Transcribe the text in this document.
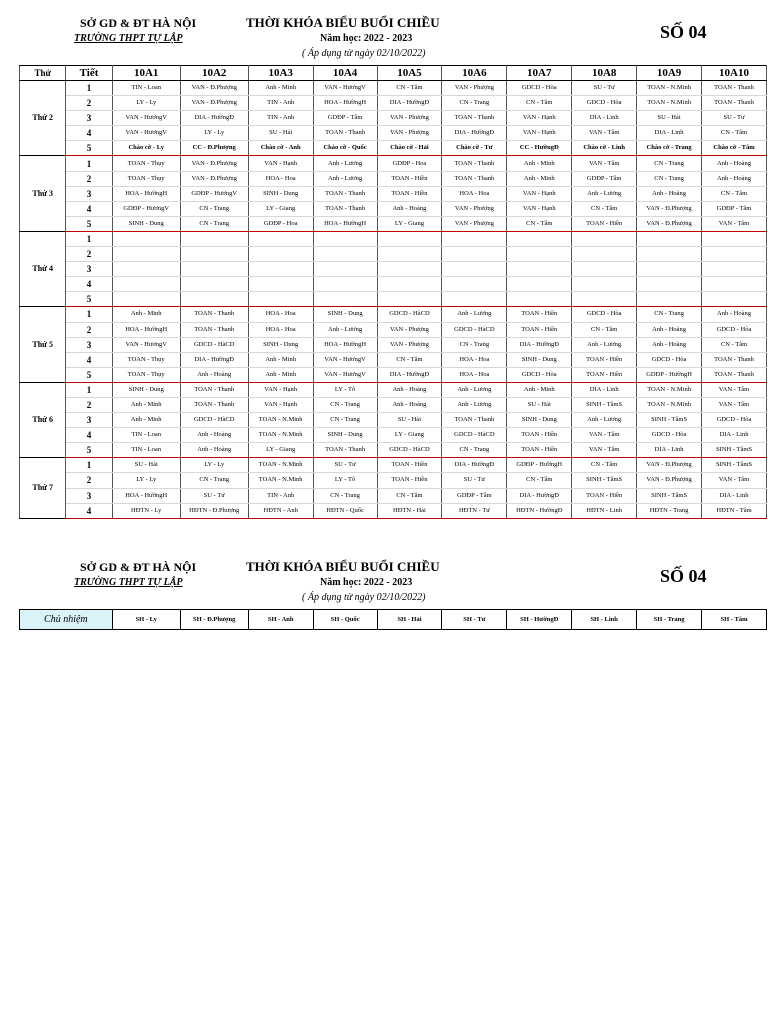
SỞ GD & ĐT HÀ NỘI
TRƯỜNG THPT TỰ LẬP
THỜI KHÓA BIỂU BUỔI CHIỀU
Năm học: 2022 - 2023
( Áp dụng từ ngày 02/10/2022)
SỐ 04
Thứ	Tiết	10A1	10A2	10A3	10A4	10A5	10A6	10A7	10A8	10A9	10A10
Thứ 2	1	TIN - Loan	VAN - Đ.Phượng	Anh - Minh	VAN - HươngV	CN - Tâm	VAN - Phượng	GDCD - Hòa	SU - Tư	TOAN - N.Minh	TOAN - Thanh
	2	LY - Ly	VAN - Đ.Phượng	TIN - Anh	HOA - HườngH	DIA - HườngĐ	CN - Trang	CN - Tâm	GDCD - Hòa	TOAN - N.Minh	TOAN - Thanh
	3	VAN - HươngV	DIA - HườngĐ	TIN - Anh	GDĐP - Tâm	VAN - Phượng	TOAN - Thanh	VAN - Hạnh	DIA - Linh	SU - Hải	SU - Tư
	4	VAN - HươngV	LY - Ly	SU - Hải	TOAN - Thanh	VAN - Phượng	DIA - HườngĐ	VAN - Hạnh	VAN - Tâm	DIA - Linh	CN - Tâm
	5	Chào cờ - Ly	CC - Đ.Phượng	Chào cờ - Anh	Chào cờ - Quốc	Chào cờ - Hải	Chào cờ - Tư	CC - HườngĐ	Chào cờ - Linh	Chào cờ - Trang	Chào cờ - Tâm
Thứ 3	1	TOAN - Thụy	VAN - Đ.Phượng	VAN - Hạnh	Anh - Lương	GDĐP - Hoa	TOAN - Thanh	Anh - Minh	VAN - Tâm	CN - Trang	Anh - Hoàng
	2	TOAN - Thụy	VAN - Đ.Phượng	HOA - Hoa	Anh - Lương	TOAN - Hiền	TOAN - Thanh	Anh - Minh	GDĐP - Tâm	CN - Trang	Anh - Hoàng
	3	HOA - HườngH	GDĐP - HươngV	SINH - Dung	TOAN - Thanh	TOAN - Hiền	HOA - Hoa	VAN - Hạnh	Anh - Lương	Anh - Hoàng	CN - Tâm
	4	GDĐP - HươngV	CN - Trang	LY - Giang	TOAN - Thanh	Anh - Hoàng	VAN - Phượng	VAN - Hạnh	CN - Tâm	VAN - Đ.Phượng	GDĐP - Tâm
	5	SINH - Dung	CN - Trang	GDĐP - Hoa	HOA - HườngH	LY - Giang	VAN - Phượng	CN - Tâm	TOAN - Hiền	VAN - Đ.Phượng	VAN - Tâm
Thứ 4	1										
	2										
	3										
	4										
	5										
Thứ 5	1	Anh - Minh	TOAN - Thanh	HOA - Hoa	SINH - Dung	GDCD - HàCD	Anh - Lương	TOAN - Hiền	GDCD - Hòa	CN - Trang	Anh - Hoàng
	2	HOA - HườngH	TOAN - Thanh	HOA - Hoa	Anh - Lương	VAN - Phượng	GDCD - HàCD	TOAN - Hiền	CN - Tâm	Anh - Hoàng	GDCD - Hòa
	3	VAN - HươngV	GDCD - HàCD	SINH - Dung	HOA - HườngH	VAN - Phượng	CN - Trang	DIA - HườngĐ	Anh - Lương	Anh - Hoàng	CN - Tâm
	4	TOAN - Thụy	DIA - HườngĐ	Anh - Minh	VAN - HươngV	CN - Tâm	HOA - Hoa	SINH - Dung	TOAN - Hiền	GDCD - Hòa	TOAN - Thanh
	5	TOAN - Thụy	Anh - Hoàng	Anh - Minh	VAN - HươngV	DIA - HườngĐ	HOA - Hoa	GDCD - Hòa	TOAN - Hiền	GDĐP - HườngH	TOAN - Thanh
Thứ 6	1	SINH - Dung	TOAN - Thanh	VAN - Hạnh	LY - Tô	Anh - Hoàng	Anh - Lương	Anh - Minh	DIA - Linh	TOAN - N.Minh	VAN - Tâm
	2	Anh - Minh	TOAN - Thanh	VAN - Hạnh	CN - Trang	Anh - Hoàng	Anh - Lương	SU - Hải	SINH - TâmS	TOAN - N.Minh	VAN - Tâm
	3	Anh - Minh	GDCD - HàCD	TOAN - N.Minh	CN - Trang	SU - Hải	TOAN - Thanh	SINH - Dung	Anh - Lương	SINH - TâmS	GDCD - Hòa
	4	TIN - Loan	Anh - Hoàng	TOAN - N.Minh	SINH - Dung	LY - Giang	GDCD - HàCD	TOAN - Hiền	VAN - Tâm	GDCD - Hòa	DIA - Linh
	5	TIN - Loan	Anh - Hoàng	LY - Giang	TOAN - Thanh	GDCD - HàCD	CN - Trang	TOAN - Hiền	VAN - Tâm	DIA - Linh	SINH - TâmS
Thứ 7	1	SU - Hải	LY - Ly	TOAN - N.Minh	SU - Tư	TOAN - Hiền	DIA - HườngĐ	GDĐP - HườngH	CN - Tâm	VAN - Đ.Phượng	SINH - TâmS
	2	LY - Ly	CN - Trang	TOAN - N.Minh	LY - Tô	TOAN - Hiền	SU - Tư	CN - Tâm	SINH - TâmS	VAN - Đ.Phượng	VAN - Tâm
	3	HOA - HườngH	SU - Tư	TIN - Anh	CN - Trang	CN - Tâm	GDĐP - Tâm	DIA - HườngĐ	TOAN - Hiền	SINH - TâmS	DIA - Linh
	4	HĐTN - Ly	HĐTN - Đ.Phượng	HĐTN - Anh	HĐTN - Quốc	HĐTN - Hải	HĐTN - Tư	HĐTN - HườngĐ	HĐTN - Linh	HĐTN - Trang	HĐTN - Tâm
SỞ GD & ĐT HÀ NỘI
TRƯỜNG THPT TỰ LẬP
THỜI KHÓA BIỂU BUỔI CHIỀU
Năm học: 2022 - 2023
( Áp dụng từ ngày 02/10/2022)
SỐ 04
Chủ nhiệm	SH - Ly	SH - Đ.Phượng	SH - Anh	SH - Quốc	SH - Hải	SH - Tư	SH - HườngĐ	SH - Linh	SH - Trang	SH - Tâm
